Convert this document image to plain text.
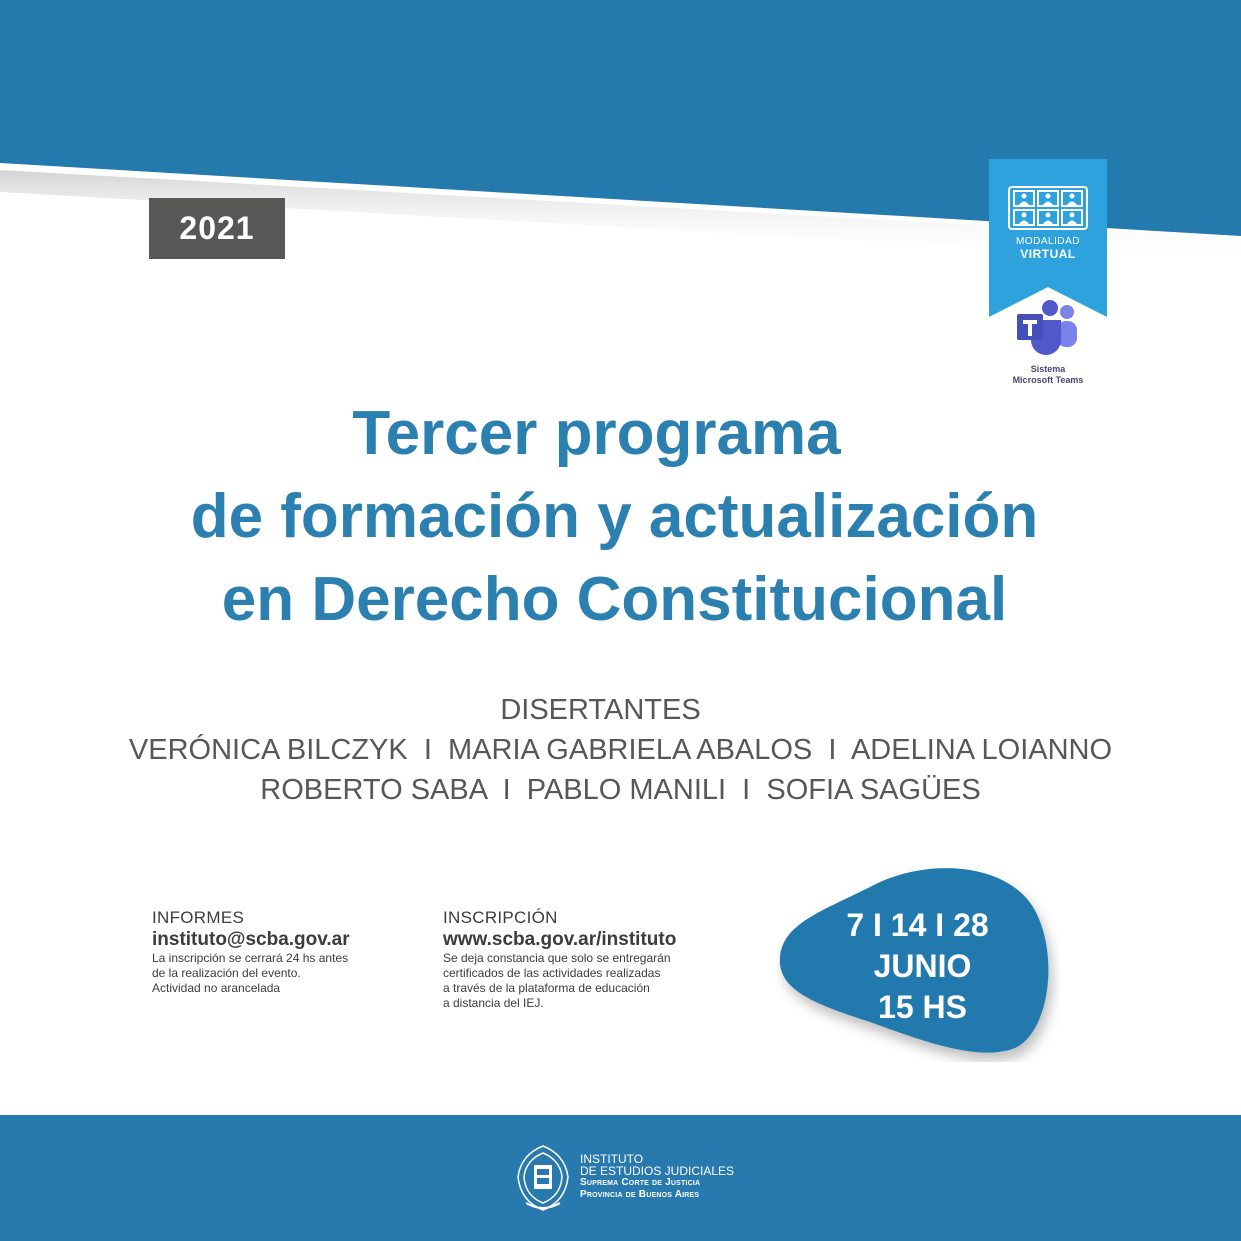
2021	MODALIDAD
VIRTUAL
Sistema
Microsoft Teams
Tercer programa
de formación y actualización
en Derecho Constitucional
DISERTANTES
VERÓNICA BILCZYK  I  MARIA GABRIELA ABALOS  I  ADELINA LOIANNO
ROBERTO SABA  I  PABLO MANILI  I  SOFIA SAGÜES
INFORMES
instituto@scba.gov.ar
La inscripción se cerrará 24 hs antes
de la realización del evento.
Actividad no arancelada
INSCRIPCIÓN
www.scba.gov.ar/instituto
Se deja constancia que solo se entregarán
certificados de las actividades realizadas
a través de la plataforma de educación
a distancia del IEJ.
7 I 14 I 28
JUNIO
15 HS
INSTITUTO
DE ESTUDIOS JUDICIALES
Suprema Corte de Justicia
Provincia de Buenos Aires
